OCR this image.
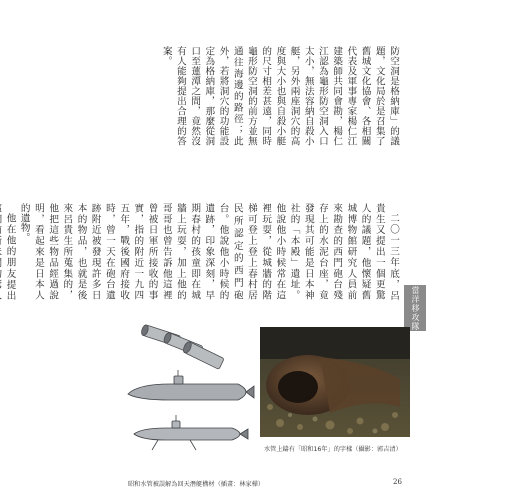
防空洞是格納庫」的議題，文化局於是召集了舊城文化協會、各相關代表及軍事專家楊仁江建築師共同會勘，楊仁江認為龜形防空洞入口太小，無法容納自殺小艇，另外兩座洞穴的高度與大小也與自殺小艇的尺寸相差甚遠，同時龜形防空洞的前方並無通往海邊的路徑；此外，若將洞穴的功能設定為格納庫，那麼從洞口至蓮潭之間，竟然沒有人能夠提出合理的答案。

二〇一三年底，呂貴生又提出一個更驚人的議題，他懷疑舊城博物館研究人員前來勘查的西門砲台殘存上的水泥台座，竟發現其可能是日本神社的「本殿」遺址。他說他小時候常在這裡玩耍，從城牆的階梯可登上登上春村居民所認定的西門砲台。他說他小時候的遺跡，印象深刻，早期春村的孩童即在城牆上玩耍，加上他的哥哥也曾告訴他這裡曾被日軍所接收的事實，指的附近一九四五年，戰後國府接收時，曾一天在砲台遺跡附近被發現許多日本的物品，也就是後來呂貴生所蒐集的，他把這些物品經過說明，看起來是日本人的遺物。

他在他的朋友提出	當洋移攻隊
水管上鑄有「昭和16年」的字樣（攝影：郭吉清）
昭和水管被誤解為回天潛艇構材（插畫：林家樺）	26
